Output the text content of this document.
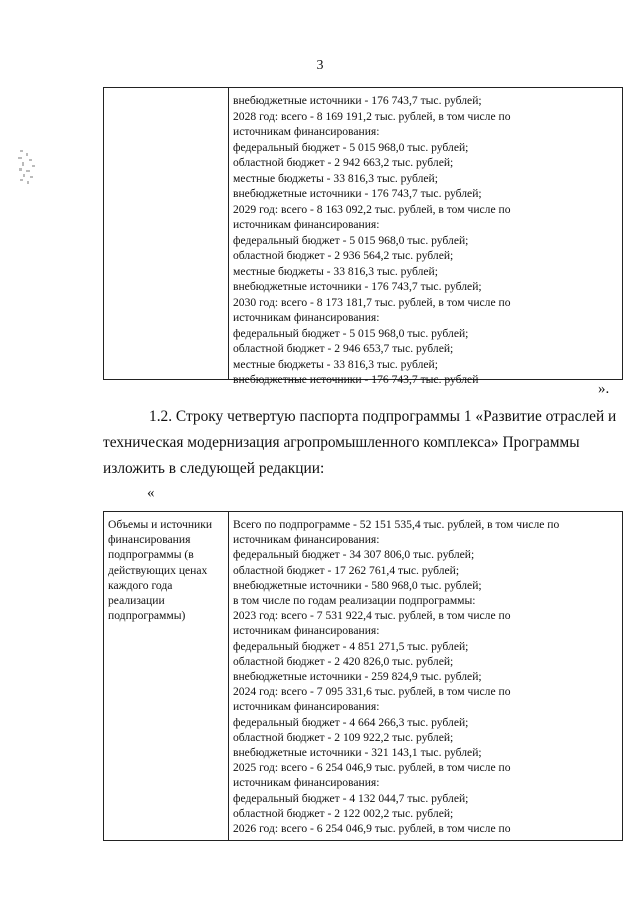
3
внебюджетные источники - 176 743,7 тыс. рублей;
2028 год: всего - 8 169 191,2 тыс. рублей, в том числе по
источникам финансирования:
федеральный бюджет - 5 015 968,0 тыс. рублей;
областной бюджет - 2 942 663,2 тыс. рублей;
местные бюджеты - 33 816,3 тыс. рублей;
внебюджетные источники - 176 743,7 тыс. рублей;
2029 год: всего - 8 163 092,2 тыс. рублей, в том числе по
источникам финансирования:
федеральный бюджет - 5 015 968,0 тыс. рублей;
областной бюджет - 2 936 564,2 тыс. рублей;
местные бюджеты - 33 816,3 тыс. рублей;
внебюджетные источники - 176 743,7 тыс. рублей;
2030 год: всего - 8 173 181,7 тыс. рублей, в том числе по
источникам финансирования:
федеральный бюджет - 5 015 968,0 тыс. рублей;
областной бюджет - 2 946 653,7 тыс. рублей;
местные бюджеты - 33 816,3 тыс. рублей;
внебюджетные источники - 176 743,7 тыс. рублей
».

1.2. Строку четвертую паспорта подпрограммы 1 «Развитие отраслей и

техническая модернизация агропромышленного комплекса» Программы

изложить в следующей редакции:

«
Объемы и источники
финансирования
подпрограммы (в
действующих ценах
каждого года
реализации
подпрограммы)
Всего по подпрограмме - 52 151 535,4 тыс. рублей, в том числе по
источникам финансирования:
федеральный бюджет - 34 307 806,0 тыс. рублей;
областной бюджет - 17 262 761,4 тыс. рублей;
внебюджетные источники - 580 968,0 тыс. рублей;
в том числе по годам реализации подпрограммы:
2023 год: всего - 7 531 922,4 тыс. рублей, в том числе по
источникам финансирования:
федеральный бюджет - 4 851 271,5 тыс. рублей;
областной бюджет - 2 420 826,0 тыс. рублей;
внебюджетные источники - 259 824,9 тыс. рублей;
2024 год: всего - 7 095 331,6 тыс. рублей, в том числе по
источникам финансирования:
федеральный бюджет - 4 664 266,3 тыс. рублей;
областной бюджет - 2 109 922,2 тыс. рублей;
внебюджетные источники - 321 143,1 тыс. рублей;
2025 год: всего - 6 254 046,9 тыс. рублей, в том числе по
источникам финансирования:
федеральный бюджет - 4 132 044,7 тыс. рублей;
областной бюджет - 2 122 002,2 тыс. рублей;
2026 год: всего - 6 254 046,9 тыс. рублей, в том числе по
